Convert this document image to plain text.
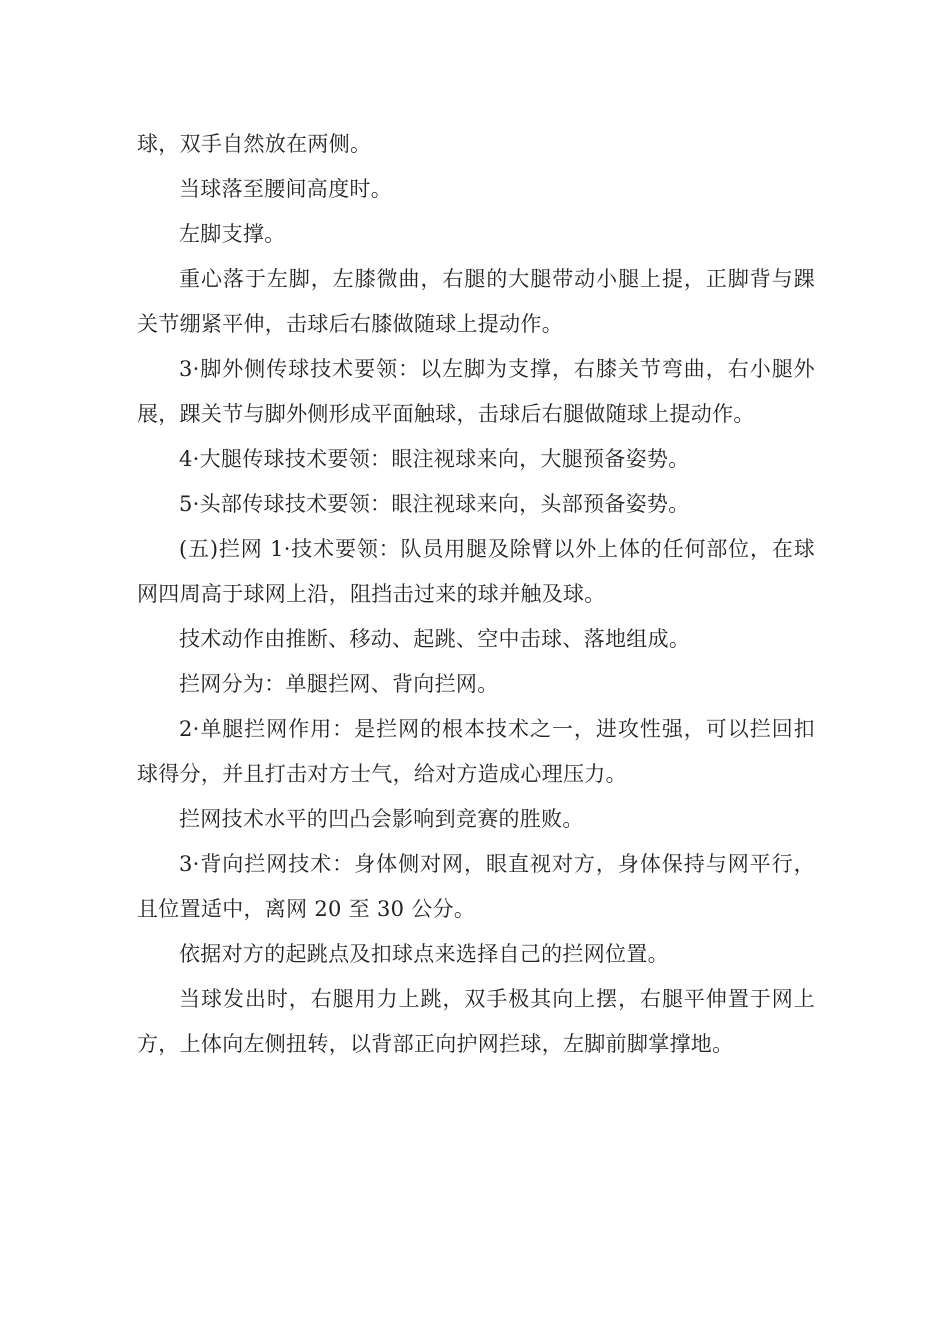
球，双手自然放在两侧。

当球落至腰间高度时。

左脚支撑。

重心落于左脚，左膝微曲，右腿的大腿带动小腿上提，正脚背与踝关节绷紧平伸，击球后右膝做随球上提动作。

3·脚外侧传球技术要领：以左脚为支撑，右膝关节弯曲，右小腿外展，踝关节与脚外侧形成平面触球，击球后右腿做随球上提动作。

4·大腿传球技术要领：眼注视球来向，大腿预备姿势。

5·头部传球技术要领：眼注视球来向，头部预备姿势。

(五)拦网 1·技术要领：队员用腿及除臂以外上体的任何部位，在球网四周高于球网上沿，阻挡击过来的球并触及球。

技术动作由推断、移动、起跳、空中击球、落地组成。

拦网分为：单腿拦网、背向拦网。

2·单腿拦网作用：是拦网的根本技术之一，进攻性强，可以拦回扣球得分，并且打击对方士气，给对方造成心理压力。

拦网技术水平的凹凸会影响到竞赛的胜败。

3·背向拦网技术：身体侧对网，眼直视对方，身体保持与网平行，且位置适中，离网 20 至 30 公分。

依据对方的起跳点及扣球点来选择自己的拦网位置。

当球发出时，右腿用力上跳，双手极其向上摆，右腿平伸置于网上方，上体向左侧扭转，以背部正向护网拦球，左脚前脚掌撑地。
